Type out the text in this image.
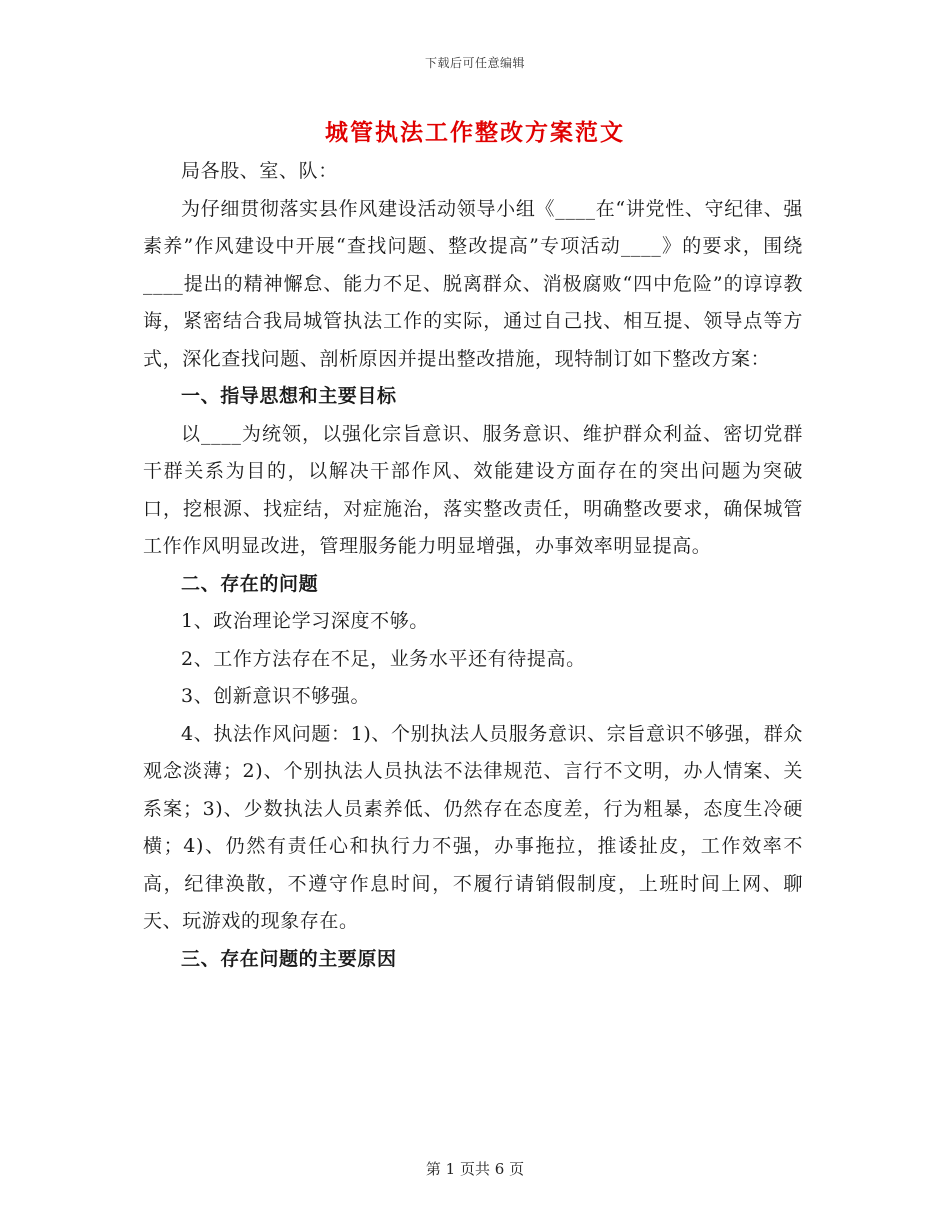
下载后可任意编辑
城管执法工作整改方案范文

局各股、室、队：

为仔细贯彻落实县作风建设活动领导小组《____在“讲党性、守纪律、强素养”作风建设中开展“查找问题、整改提高”专项活动____》的要求，围绕____提出的精神懈怠、能力不足、脱离群众、消极腐败“四中危险”的谆谆教诲，紧密结合我局城管执法工作的实际，通过自己找、相互提、领导点等方式，深化查找问题、剖析原因并提出整改措施，现特制订如下整改方案：

一、指导思想和主要目标

以____为统领，以强化宗旨意识、服务意识、维护群众利益、密切党群干群关系为目的，以解决干部作风、效能建设方面存在的突出问题为突破口，挖根源、找症结，对症施治，落实整改责任，明确整改要求，确保城管工作作风明显改进，管理服务能力明显增强，办事效率明显提高。

二、存在的问题

1、政治理论学习深度不够。

2、工作方法存在不足，业务水平还有待提高。

3、创新意识不够强。

4、执法作风问题：1)、个别执法人员服务意识、宗旨意识不够强，群众观念淡薄；2)、个别执法人员执法不法律规范、言行不文明，办人情案、关系案；3)、少数执法人员素养低、仍然存在态度差，行为粗暴，态度生冷硬横；4)、仍然有责任心和执行力不强，办事拖拉，推诿扯皮，工作效率不高，纪律涣散，不遵守作息时间，不履行请销假制度，上班时间上网、聊天、玩游戏的现象存在。

三、存在问题的主要原因

第 1 页共 6 页
